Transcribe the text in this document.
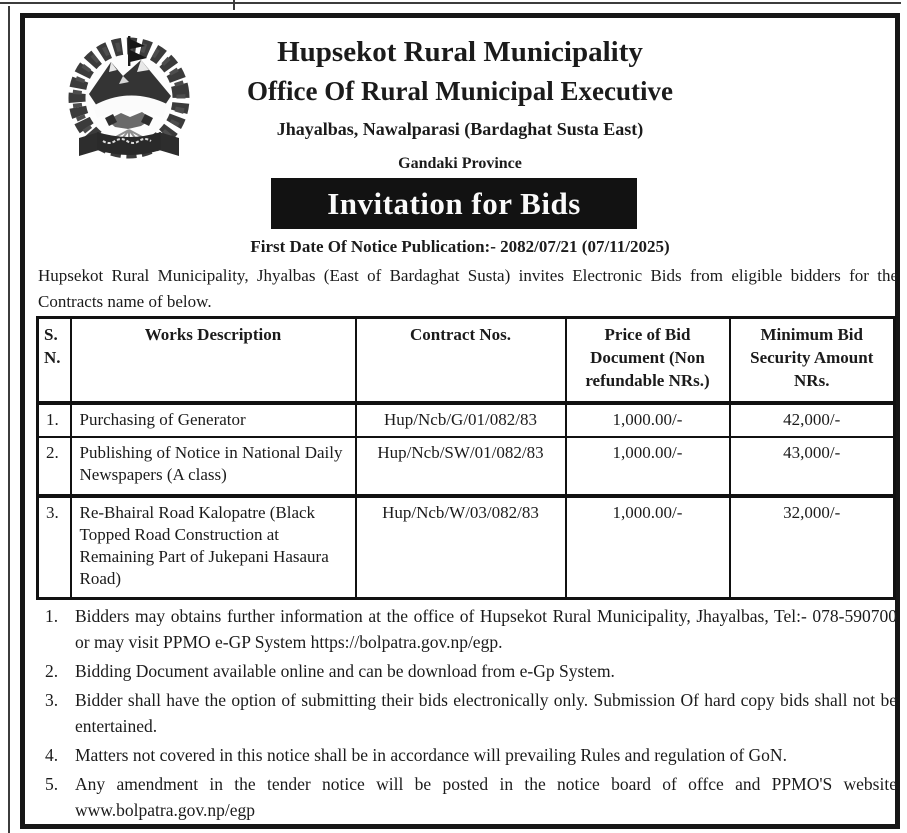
Hupsekot Rural Municipality
Office Of Rural Municipal Executive
Jhayalbas, Nawalparasi (Bardaghat Susta East)
Gandaki Province
Invitation for Bids
First Date Of Notice Publication:- 2082/07/21 (07/11/2025)
Hupsekot Rural Municipality, Jhyalbas (East of Bardaghat Susta) invites Electronic Bids from eligible bidders for the Contracts name of below.
S. N.	Works Description	Contract Nos.	Price of Bid Document (Non refundable NRs.)	Minimum Bid Security Amount NRs.
1.	Purchasing of Generator	Hup/Ncb/G/01/082/83	1,000.00/-	42,000/-
2.	Publishing of Notice in National Daily Newspapers (A class)	Hup/Ncb/SW/01/082/83	1,000.00/-	43,000/-
3.	Re-Bhairal Road Kalopatre (Black Topped Road Construction at Remaining Part of Jukepani Hasaura Road)	Hup/Ncb/W/03/082/83	1,000.00/-	32,000/-
1. Bidders may obtains further information at the office of Hupsekot Rural Municipality, Jhayalbas, Tel:- 078-590700 or may visit PPMO e-GP System https://bolpatra.gov.np/egp.
2. Bidding Document available online and can be download from e-Gp System.
3. Bidder shall have the option of submitting their bids electronically only. Submission Of hard copy bids shall not be entertained.
4. Matters not covered in this notice shall be in accordance will prevailing Rules and regulation of GoN.
5. Any amendment in the tender notice will be posted in the notice board of offce and PPMO'S website www.bolpatra.gov.np/egp
